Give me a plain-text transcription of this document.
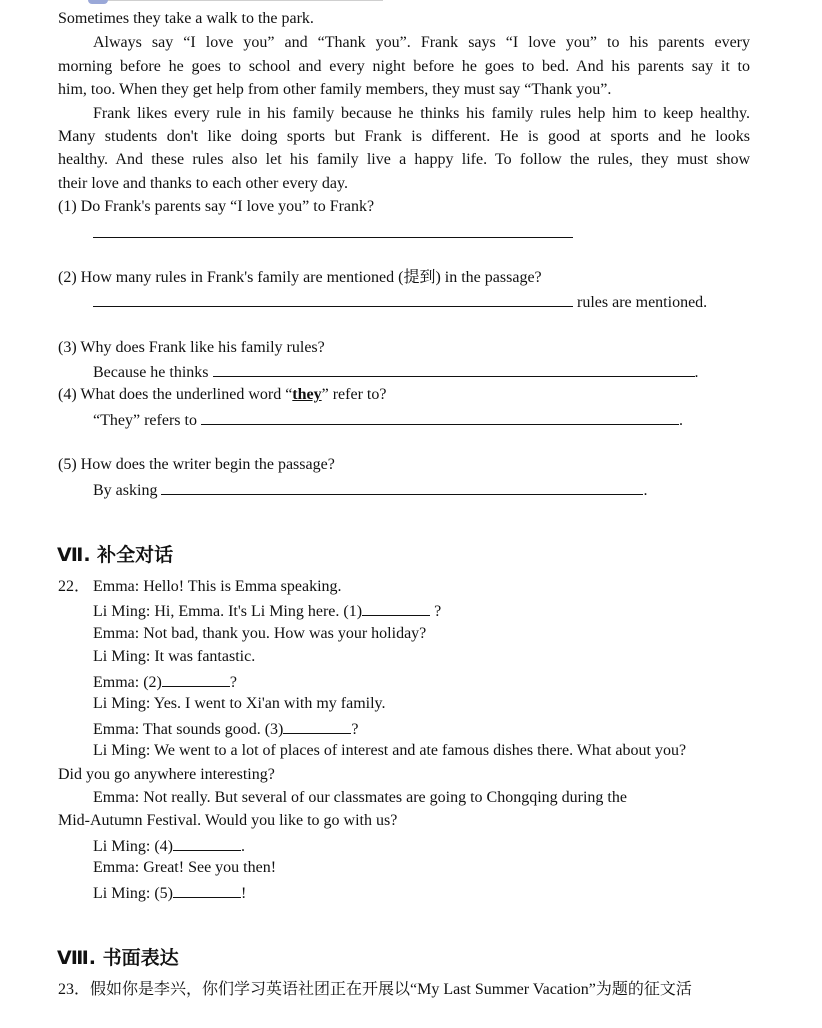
Sometimes they take a walk to the park.
Always say “I love you” and “Thank you”. Frank says “I love you” to his parents every
morning before he goes to school and every night before he goes to bed. And his parents say it to
him, too. When they get help from other family members, they must say “Thank you”.
Frank likes every rule in his family because he thinks his family rules help him to keep healthy.
Many students don't like doing sports but Frank is different. He is good at sports and he looks
healthy. And these rules also let his family live a happy life. To follow the rules, they must show
their love and thanks to each other every day.
(1) Do Frank's parents say “I love you” to Frank?
(2) How many rules in Frank's family are mentioned (提到) in the passage?
rules are mentioned.
(3) Why does Frank like his family rules?
Because he thinks	.
(4) What does the underlined word “they” refer to?
“They” refers to	.
(5) How does the writer begin the passage?
By asking	.
Ⅶ. 补全对话
22． Emma: Hello! This is Emma speaking.
Li Ming: Hi, Emma. It's Li Ming here. (1)	?
Emma: Not bad, thank you. How was your holiday?
Li Ming: It was fantastic.
Emma: (2)	?
Li Ming: Yes. I went to Xi'an with my family.
Emma: That sounds good. (3)	?
Li Ming: We went to a lot of places of interest and ate famous dishes there. What about you?
Did you go anywhere interesting?
Emma: Not really. But several of our classmates are going to Chongqing during the
Mid-Autumn Festival. Would you like to go with us?
Li Ming: (4)	.
Emma: Great! See you then!
Li Ming: (5)	!
Ⅷ. 书面表达
23．假如你是李兴，你们学习英语社团正在开展以“My Last Summer Vacation”为题的征文活
